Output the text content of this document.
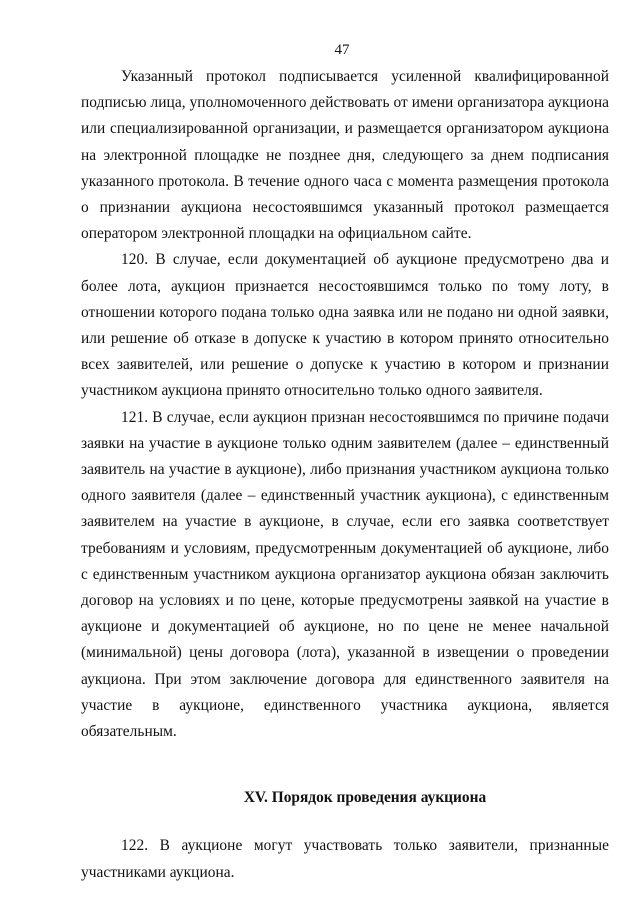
47

Указанный протокол подписывается усиленной квалифицированной подписью лица, уполномоченного действовать от имени организатора аукциона или специализированной организации, и размещается организатором аукциона на электронной площадке не позднее дня, следующего за днем подписания указанного протокола. В течение одного часа с момента размещения протокола о признании аукциона несостоявшимся указанный протокол размещается оператором электронной площадки на официальном сайте.

120. В случае, если документацией об аукционе предусмотрено два и более лота, аукцион признается несостоявшимся только по тому лоту, в отношении которого подана только одна заявка или не подано ни одной заявки, или решение об отказе в допуске к участию в котором принято относительно всех заявителей, или решение о допуске к участию в котором и признании участником аукциона принято относительно только одного заявителя.

121. В случае, если аукцион признан несостоявшимся по причине подачи заявки на участие в аукционе только одним заявителем (далее – единственный заявитель на участие в аукционе), либо признания участником аукциона только одного заявителя (далее – единственный участник аукциона), с единственным заявителем на участие в аукционе, в случае, если его заявка соответствует требованиям и условиям, предусмотренным документацией об аукционе, либо с единственным участником аукциона организатор аукциона обязан заключить договор на условиях и по цене, которые предусмотрены заявкой на участие в аукционе и документацией об аукционе, но по цене не менее начальной (минимальной) цены договора (лота), указанной в извещении о проведении аукциона. При этом заключение договора для единственного заявителя на участие в аукционе, единственного участника аукциона, является обязательным.

XV. Порядок проведения аукциона

122. В аукционе могут участвовать только заявители, признанные участниками аукциона.
